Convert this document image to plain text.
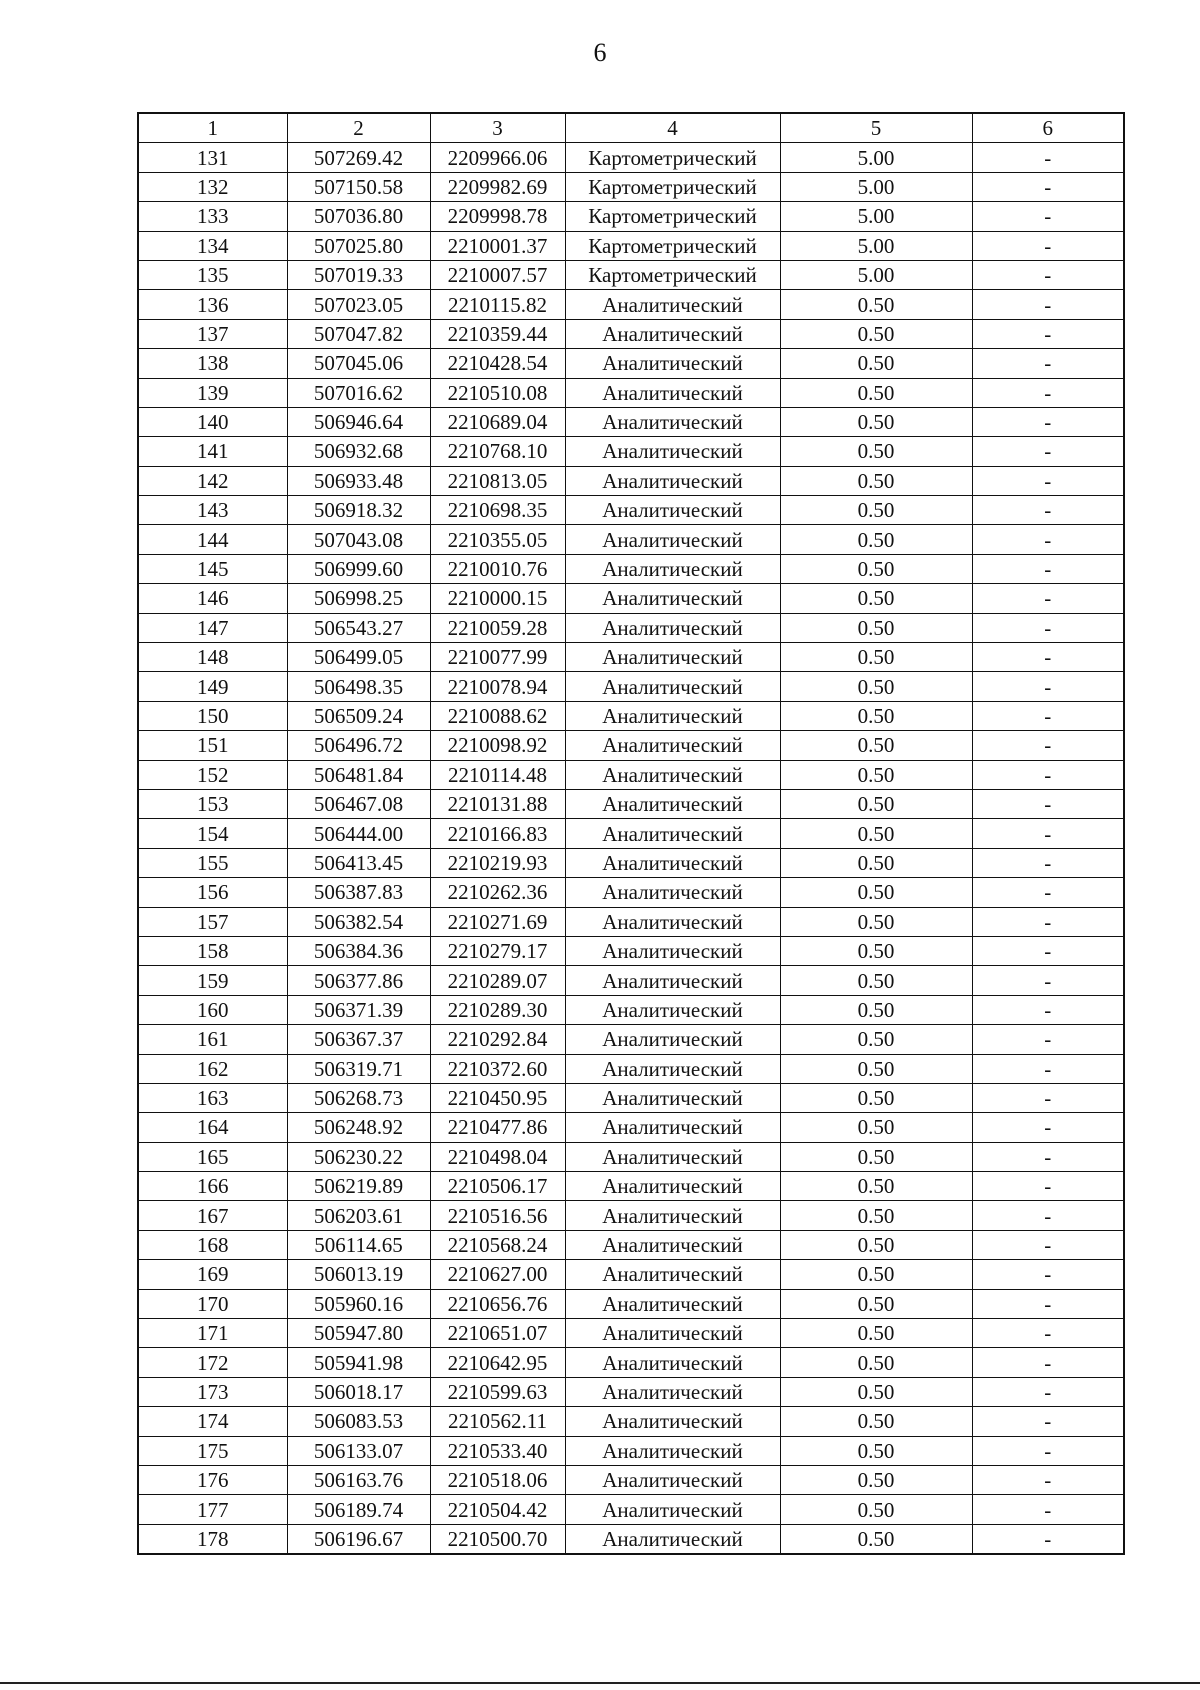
6
1	2	3	4	5	6
131	507269.42	2209966.06	Картометрический	5.00	-
132	507150.58	2209982.69	Картометрический	5.00	-
133	507036.80	2209998.78	Картометрический	5.00	-
134	507025.80	2210001.37	Картометрический	5.00	-
135	507019.33	2210007.57	Картометрический	5.00	-
136	507023.05	2210115.82	Аналитический	0.50	-
137	507047.82	2210359.44	Аналитический	0.50	-
138	507045.06	2210428.54	Аналитический	0.50	-
139	507016.62	2210510.08	Аналитический	0.50	-
140	506946.64	2210689.04	Аналитический	0.50	-
141	506932.68	2210768.10	Аналитический	0.50	-
142	506933.48	2210813.05	Аналитический	0.50	-
143	506918.32	2210698.35	Аналитический	0.50	-
144	507043.08	2210355.05	Аналитический	0.50	-
145	506999.60	2210010.76	Аналитический	0.50	-
146	506998.25	2210000.15	Аналитический	0.50	-
147	506543.27	2210059.28	Аналитический	0.50	-
148	506499.05	2210077.99	Аналитический	0.50	-
149	506498.35	2210078.94	Аналитический	0.50	-
150	506509.24	2210088.62	Аналитический	0.50	-
151	506496.72	2210098.92	Аналитический	0.50	-
152	506481.84	2210114.48	Аналитический	0.50	-
153	506467.08	2210131.88	Аналитический	0.50	-
154	506444.00	2210166.83	Аналитический	0.50	-
155	506413.45	2210219.93	Аналитический	0.50	-
156	506387.83	2210262.36	Аналитический	0.50	-
157	506382.54	2210271.69	Аналитический	0.50	-
158	506384.36	2210279.17	Аналитический	0.50	-
159	506377.86	2210289.07	Аналитический	0.50	-
160	506371.39	2210289.30	Аналитический	0.50	-
161	506367.37	2210292.84	Аналитический	0.50	-
162	506319.71	2210372.60	Аналитический	0.50	-
163	506268.73	2210450.95	Аналитический	0.50	-
164	506248.92	2210477.86	Аналитический	0.50	-
165	506230.22	2210498.04	Аналитический	0.50	-
166	506219.89	2210506.17	Аналитический	0.50	-
167	506203.61	2210516.56	Аналитический	0.50	-
168	506114.65	2210568.24	Аналитический	0.50	-
169	506013.19	2210627.00	Аналитический	0.50	-
170	505960.16	2210656.76	Аналитический	0.50	-
171	505947.80	2210651.07	Аналитический	0.50	-
172	505941.98	2210642.95	Аналитический	0.50	-
173	506018.17	2210599.63	Аналитический	0.50	-
174	506083.53	2210562.11	Аналитический	0.50	-
175	506133.07	2210533.40	Аналитический	0.50	-
176	506163.76	2210518.06	Аналитический	0.50	-
177	506189.74	2210504.42	Аналитический	0.50	-
178	506196.67	2210500.70	Аналитический	0.50	-
